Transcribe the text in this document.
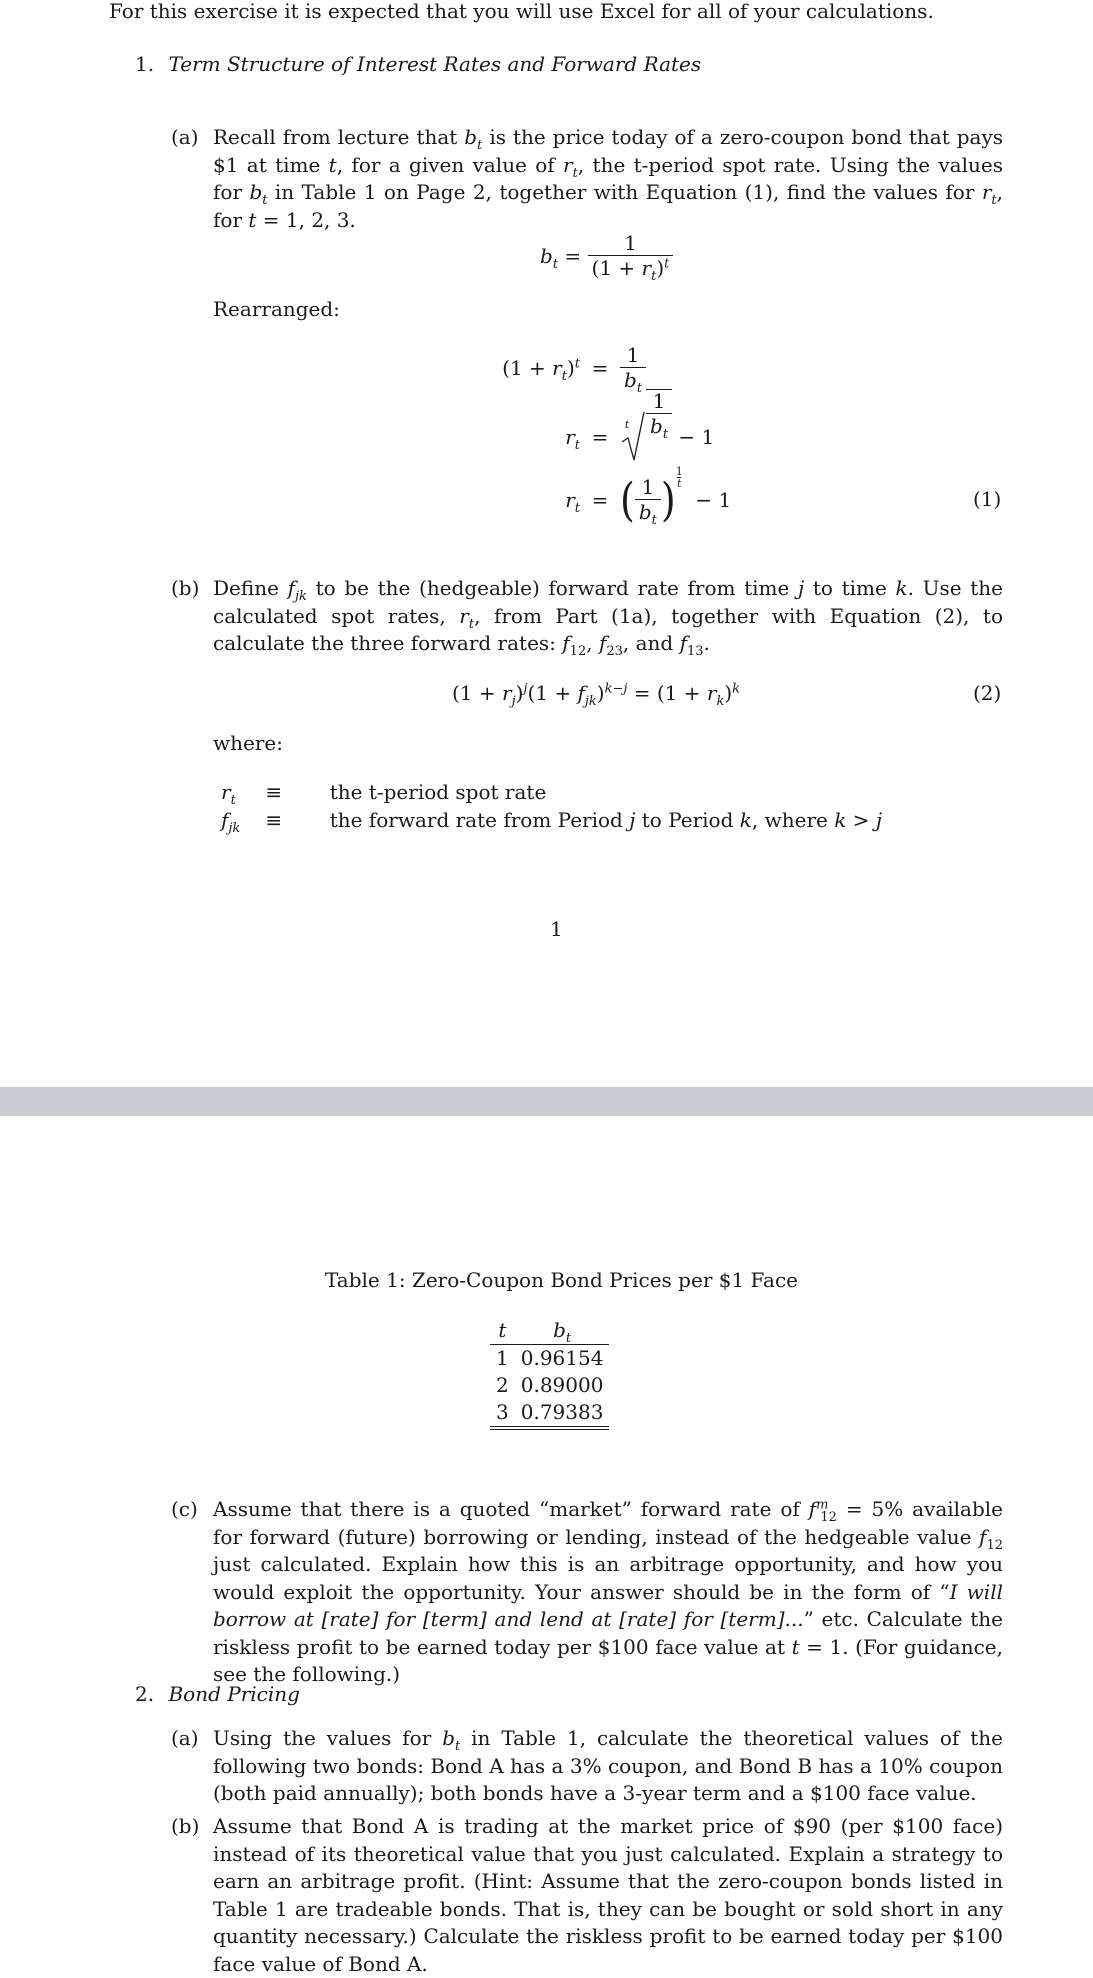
For this exercise it is expected that you will use Excel for all of your calculations.
1. Term Structure of Interest Rates and Forward Rates
(a) Recall from lecture that $b_t$ is the price today of a zero-coupon bond that pays $1 at time t, for a given value of $r_t$, the t-period spot rate. Using the values for $b_t$ in Table 1 on Page 2, together with Equation (1), find the values for $r_t$, for t = 1, 2, 3.
$b_t = \frac{1}{(1 + r_t)^t}$
Rearranged:
$(1 + r_t)^t = \frac{1}{b_t}$
$r_t$ =	t $\frac{1}{b_t} - 1$
$r_t$ = ( $\frac{1}{b_t}$ )
1
t
− 1	(1)
(b) Define $f_{jk}$ to be the (hedgeable) forward rate from time j to time k. Use the calculated spot rates, $r_t$, from Part (1a), together with Equation (2), to calculate the three forward rates: $f_{12}$, $f_{23}$, and $f_{13}$.
$(1 + r_j)^j(1 + f_{jk})^{k-j} = (1 + r_k)^k$	(2)
where:
$r_t$ ≡ the t-period spot rate
$f_{jk}$ ≡ the forward rate from Period j to Period k, where k > j
1
Table 1: Zero-Coupon Bond Prices per $1 Face
t	$b_t$
1	0.96154
2	0.89000
3	0.79383
(c) Assume that there is a quoted “market” forward rate of $f^m_{12} = 5\%$ available for forward (future) borrowing or lending, instead of the hedgeable value $f_{12}$ just calculated. Explain how this is an arbitrage opportunity, and how you would exploit the opportunity. Your answer should be in the form of “I will borrow at [rate] for [term] and lend at [rate] for [term]...” etc. Calculate the riskless profit to be earned today per $100 face value at t = 1. (For guidance, see the following.)
2. Bond Pricing
(a) Using the values for $b_t$ in Table 1, calculate the theoretical values of the following two bonds: Bond A has a 3% coupon, and Bond B has a 10% coupon (both paid annually); both bonds have a 3-year term and a $100 face value.
(b) Assume that Bond A is trading at the market price of $90 (per $100 face) instead of its theoretical value that you just calculated. Explain a strategy to earn an arbitrage profit. (Hint: Assume that the zero-coupon bonds listed in Table 1 are tradeable bonds. That is, they can be bought or sold short in any quantity necessary.) Calculate the riskless profit to be earned today per $100 face value of Bond A.
